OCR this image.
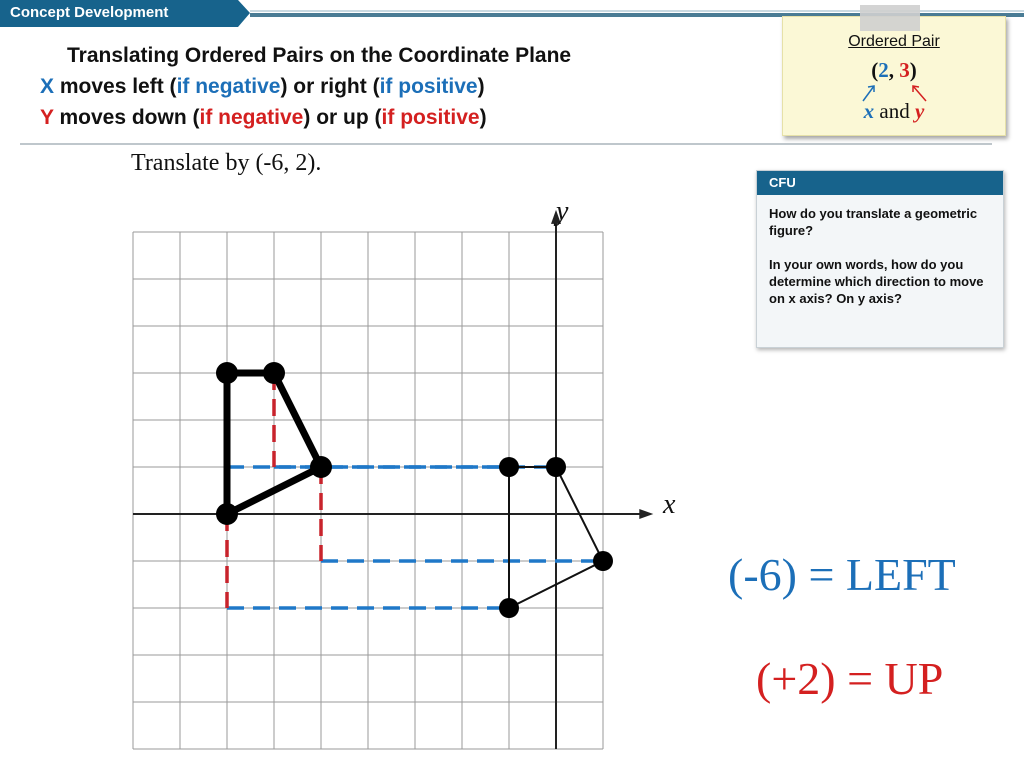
Concept Development
Translating Ordered Pairs on the Coordinate Plane
X moves left (if negative) or right (if positive)
Y moves down (if negative) or up (if positive)
Ordered Pair
(2, 3)
x and y
CFU
How do you translate a geometric figure?
In your own words, how do you determine which direction to move on x axis? On y axis?
Translate by (-6, 2).
x
y
(-6) = LEFT
(+2) = UP
